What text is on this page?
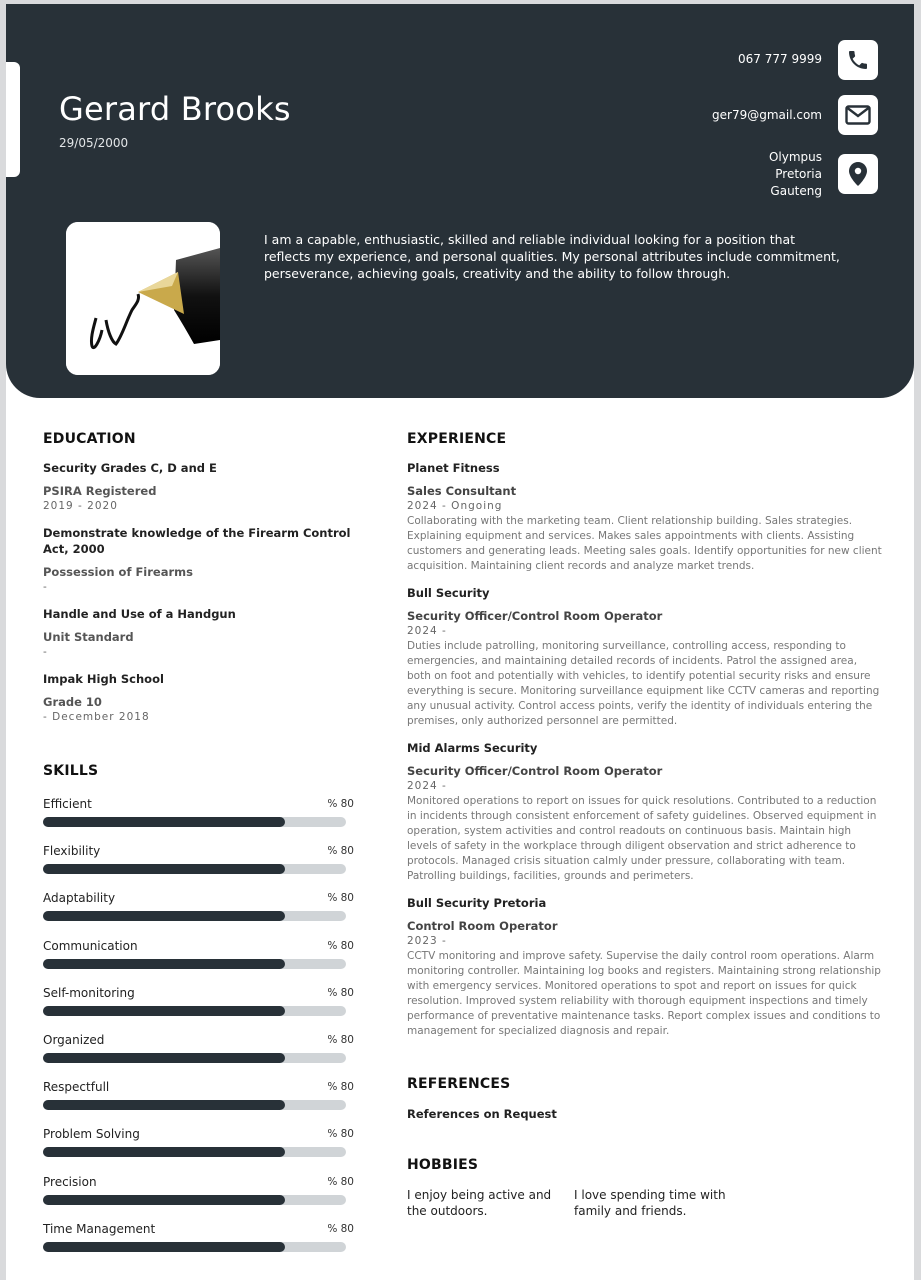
Gerard Brooks
29/05/2000
067 777 9999
ger79@gmail.com
Olympus
Pretoria
Gauteng
I am a capable, enthusiastic, skilled and reliable individual looking for a position that reflects my experience, and personal qualities. My personal attributes include commitment, perseverance, achieving goals, creativity and the ability to follow through.
EDUCATION
Security Grades C, D and E
PSIRA Registered
2019 - 2020
Demonstrate knowledge of the Firearm Control Act, 2000
Possession of Firearms
-
Handle and Use of a Handgun
Unit Standard
-
Impak High School
Grade 10
- December 2018
SKILLS
Efficient	% 80
Flexibility	% 80
Adaptability	% 80
Communication	% 80
Self-monitoring	% 80
Organized	% 80
Respectfull	% 80
Problem Solving	% 80
Precision	% 80
Time Management	% 80
EXPERIENCE
Planet Fitness
Sales Consultant
2024 - Ongoing
Collaborating with the marketing team. Client relationship building. Sales strategies. Explaining equipment and services. Makes sales appointments with clients. Assisting customers and generating leads. Meeting sales goals. Identify opportunities for new client acquisition. Maintaining client records and analyze market trends.
Bull Security
Security Officer/Control Room Operator
2024 -
Duties include patrolling, monitoring surveillance, controlling access, responding to emergencies, and maintaining detailed records of incidents. Patrol the assigned area, both on foot and potentially with vehicles, to identify potential security risks and ensure everything is secure. Monitoring surveillance equipment like CCTV cameras and reporting any unusual activity. Control access points, verify the identity of individuals entering the premises, only authorized personnel are permitted.
Mid Alarms Security
Security Officer/Control Room Operator
2024 -
Monitored operations to report on issues for quick resolutions. Contributed to a reduction in incidents through consistent enforcement of safety guidelines. Observed equipment in operation, system activities and control readouts on continuous basis. Maintain high levels of safety in the workplace through diligent observation and strict adherence to protocols. Managed crisis situation calmly under pressure, collaborating with team. Patrolling buildings, facilities, grounds and perimeters.
Bull Security Pretoria
Control Room Operator
2023 -
CCTV monitoring and improve safety. Supervise the daily control room operations. Alarm monitoring controller. Maintaining log books and registers. Maintaining strong relationship with emergency services. Monitored operations to spot and report on issues for quick resolution. Improved system reliability with thorough equipment inspections and timely performance of preventative maintenance tasks. Report complex issues and conditions to management for specialized diagnosis and repair.
REFERENCES
References on Request
HOBBIES
I enjoy being active and the outdoors.
I love spending time with family and friends.
